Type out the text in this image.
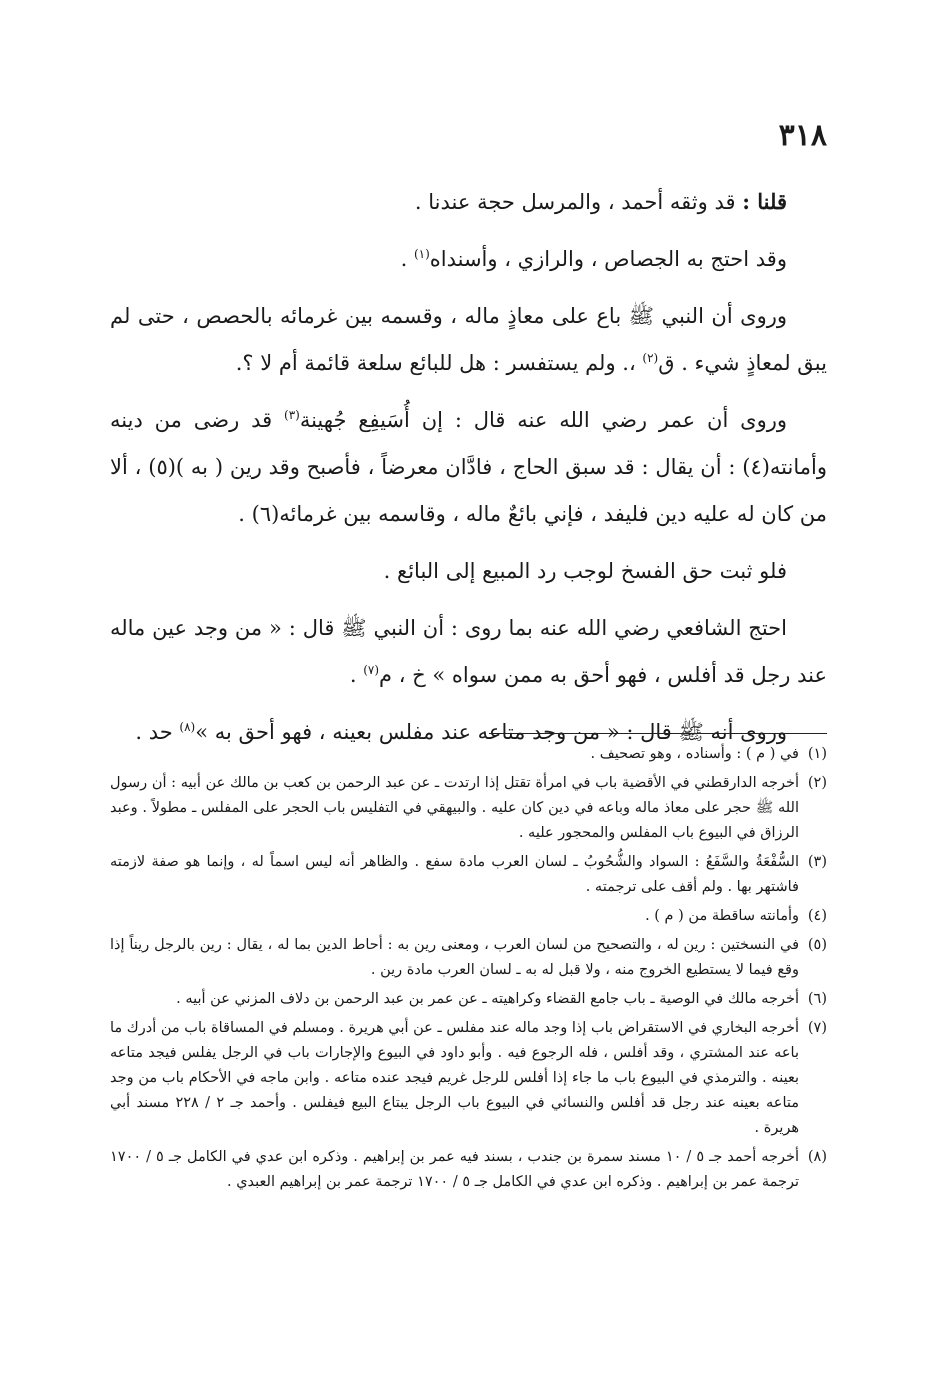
٣١٨

قلنا : قد وثقه أحمد ، والمرسل حجة عندنا .

وقد احتج به الجصاص ، والرازي ، وأسنداه$^{(١)}$ .

وروى أن النبي ﷺ باع على معاذٍ ماله ، وقسمه بين غرمائه بالحصص ، حتى لم يبق لمعاذٍ شيء . ق$^{(٢)}$ ،. ولم يستفسر : هل للبائع سلعة قائمة أم لا ؟.

وروى أن عمر رضي الله عنه قال : إن أُسَيفِع جُهينة$^{(٣)}$ قد رضى من دينه وأمانته(٤) : أن يقال : قد سبق الحاج ، فادَّان معرضاً ، فأصبح وقد رين ( به )(٥) ، ألا من كان له عليه دين فليفد ، فإني بائعٌ ماله ، وقاسمه بين غرمائه(٦) .

فلو ثبت حق الفسخ لوجب رد المبيع إلى البائع .

احتج الشافعي رضي الله عنه بما روى : أن النبي ﷺ قال : « من وجد عين ماله عند رجل قد أفلس ، فهو أحق به ممن سواه » خ ، م$^{(٧)}$ .

وروى أنه ﷺ قال : « من وجد متاعه عند مفلس بعينه ، فهو أحق به »$^{(٨)}$ حد .

(١)في ( م ) : وأسناده ، وهو تصحيف .

(٢)أخرجه الدارقطني في الأقضية باب في امرأة تقتل إذا ارتدت ـ عن عبد الرحمن بن كعب بن مالك عن أبيه : أن رسول الله ﷺ حجر على معاذ ماله وباعه في دين كان عليه . والبيهقي في التفليس باب الحجر على المفلس ـ مطولاً . وعبد الرزاق في البيوع باب المفلس والمحجور عليه .

(٣)السُّفْعَةُ والسَّفَعُ : السواد والشُّحُوبُ ـ لسان العرب مادة سفع . والظاهر أنه ليس اسماً له ، وإنما هو صفة لازمته فاشتهر بها . ولم أقف على ترجمته .

(٤)وأمانته ساقطة من ( م ) .

(٥)في النسختين : رين له ، والتصحيح من لسان العرب ، ومعنى رين به : أحاط الدين بما له ، يقال : رين بالرجل ريناً إذا وقع فيما لا يستطيع الخروج منه ، ولا قبل له به ـ لسان العرب مادة رين .

(٦)أخرجه مالك في الوصية ـ باب جامع القضاء وكراهيته ـ عن عمر بن عبد الرحمن بن دلاف المزني عن أبيه .

(٧)أخرجه البخاري في الاستقراض باب إذا وجد ماله عند مفلس ـ عن أبي هريرة . ومسلم في المساقاة باب من أدرك ما باعه عند المشتري ، وقد أفلس ، فله الرجوع فيه . وأبو داود في البيوع والإجارات باب في الرجل يفلس فيجد متاعه بعينه . والترمذي في البيوع باب ما جاء إذا أفلس للرجل غريم فيجد عنده متاعه . وابن ماجه في الأحكام باب من وجد متاعه بعينه عند رجل قد أفلس والنسائي في البيوع باب الرجل يبتاع البيع فيفلس . وأحمد جـ ٢ / ٢٢٨ مسند أبي هريرة .

(٨)أخرجه أحمد جـ ٥ / ١٠ مسند سمرة بن جندب ، بسند فيه عمر بن إبراهيم . وذكره ابن عدي في الكامل جـ ٥ / ١٧٠٠ ترجمة عمر بن إبراهيم . وذكره ابن عدي في الكامل جـ ٥ / ١٧٠٠ ترجمة عمر بن إبراهيم العبدي .
